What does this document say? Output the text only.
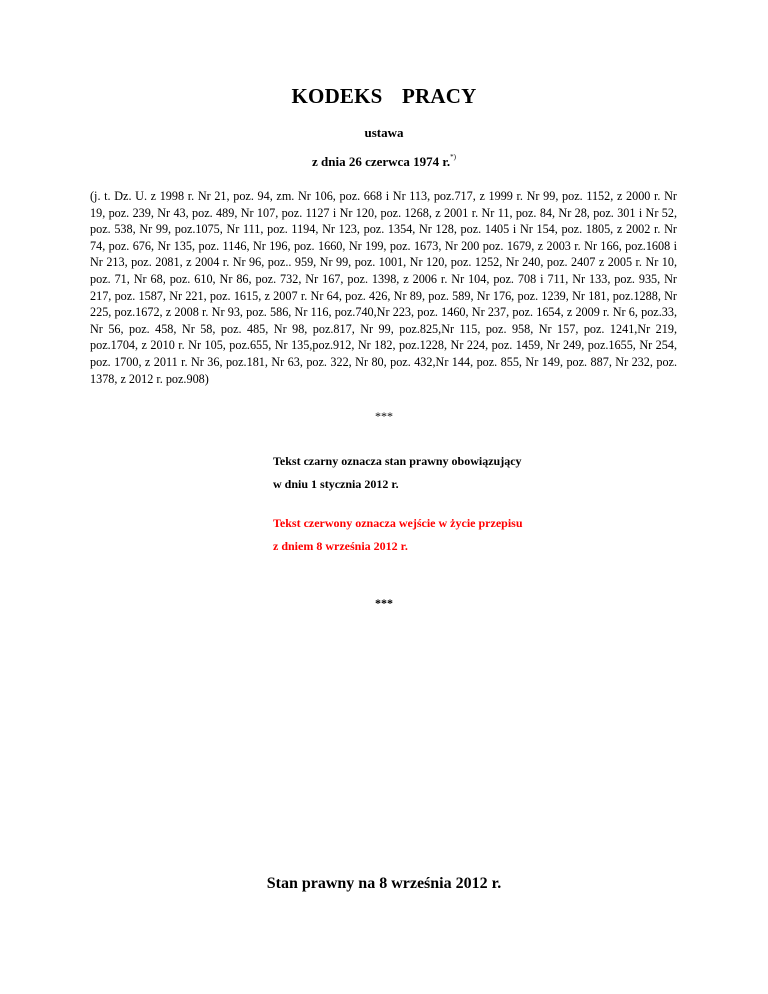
KODEKS PRACY
ustawa
z dnia 26 czerwca 1974 r.*)
(j. t. Dz. U. z 1998 r. Nr 21, poz. 94, zm. Nr 106, poz. 668 i Nr 113, poz.717, z 1999 r. Nr 99, poz. 1152, z 2000 r. Nr 19, poz. 239, Nr 43, poz. 489, Nr 107, poz. 1127 i Nr 120, poz. 1268, z 2001 r. Nr 11, poz. 84, Nr 28, poz. 301 i Nr 52, poz. 538, Nr 99, poz.1075, Nr 111, poz. 1194, Nr 123, poz. 1354, Nr 128, poz. 1405 i Nr 154, poz. 1805, z 2002 r. Nr 74, poz. 676, Nr 135, poz. 1146, Nr 196, poz. 1660, Nr 199, poz. 1673, Nr 200 poz. 1679, z 2003 r. Nr 166, poz.1608 i Nr 213, poz. 2081, z 2004 r. Nr 96, poz.. 959, Nr 99, poz. 1001, Nr 120, poz. 1252, Nr 240, poz. 2407 z 2005 r. Nr 10, poz. 71, Nr 68, poz. 610, Nr 86, poz. 732, Nr 167, poz. 1398, z 2006 r. Nr 104, poz. 708 i 711, Nr 133, poz. 935, Nr 217, poz. 1587, Nr 221, poz. 1615, z 2007 r. Nr 64, poz. 426, Nr 89, poz. 589, Nr 176, poz. 1239, Nr 181, poz.1288, Nr 225, poz.1672, z 2008 r. Nr 93, poz. 586, Nr 116, poz.740,Nr 223, poz. 1460, Nr 237, poz. 1654, z 2009 r. Nr 6, poz.33, Nr 56, poz. 458, Nr 58, poz. 485, Nr 98, poz.817, Nr 99, poz.825,Nr 115, poz. 958, Nr 157, poz. 1241,Nr 219, poz.1704, z 2010 r. Nr 105, poz.655, Nr 135,poz.912, Nr 182, poz.1228, Nr 224, poz. 1459, Nr 249, poz.1655, Nr 254, poz. 1700, z 2011 r. Nr 36, poz.181, Nr 63, poz. 322, Nr 80, poz. 432,Nr 144, poz. 855, Nr 149, poz. 887, Nr 232, poz. 1378, z 2012 r. poz.908)
***
Tekst czarny oznacza stan prawny obowiązujący
w dniu 1 stycznia 2012 r.
Tekst czerwony oznacza wejście w życie przepisu
z dniem 8 września 2012 r.
***
Stan prawny na 8 września 2012 r.
